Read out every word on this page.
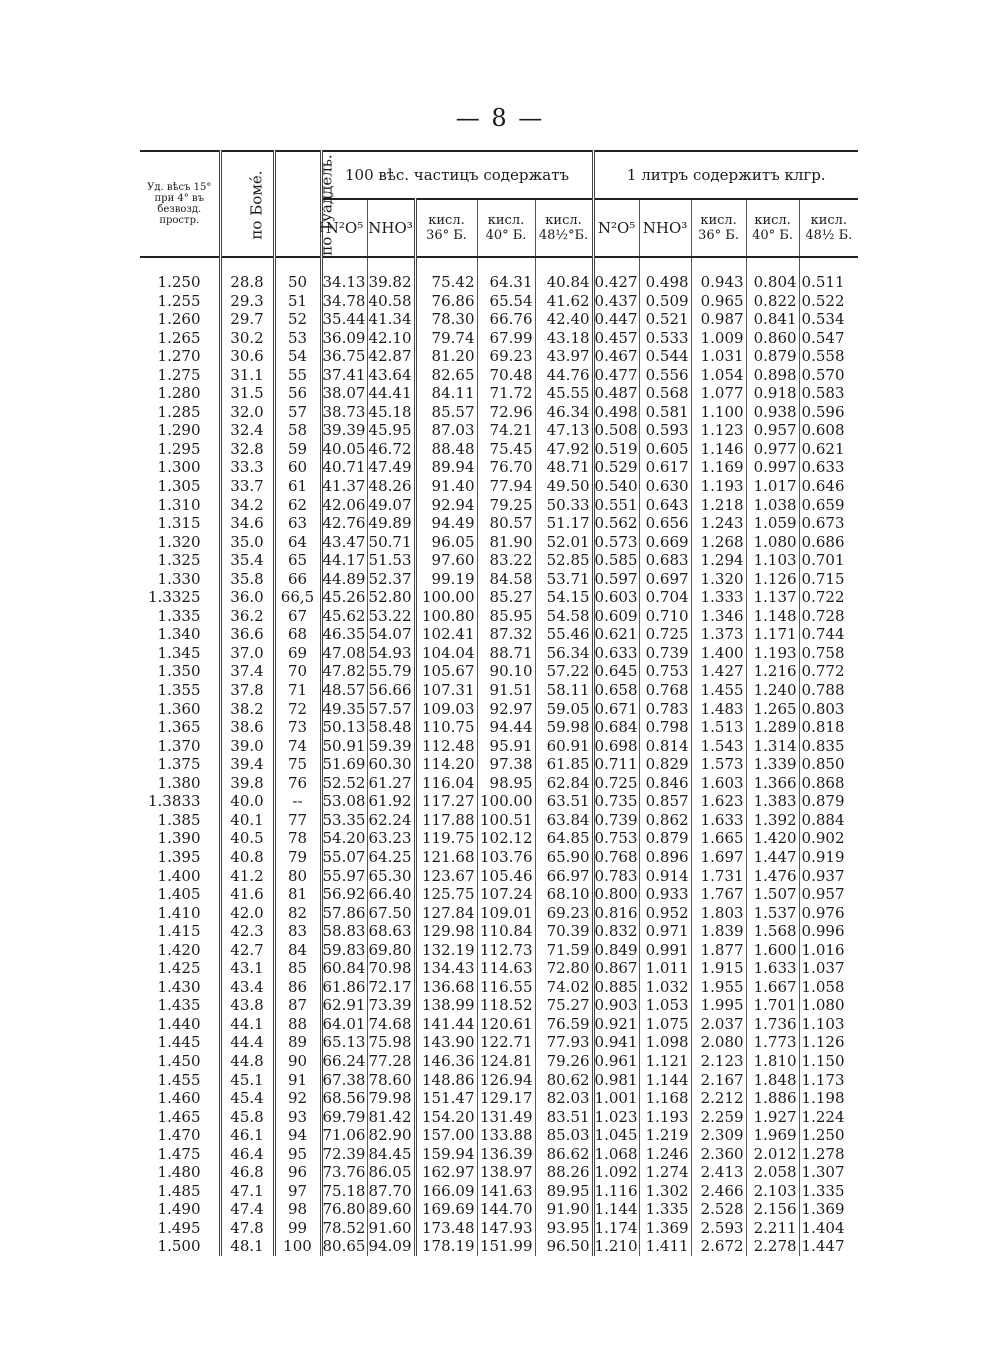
— 8 —
Уд. вѣсъ 15° при 4° въ безвозд. простр.	по Бомé.	по Туаддель.	100 вѣс. частицъ содержатъ					1 литръ содержитъ клгр.				
			N²O⁵	NHO³	кисл. 36° Б.	кисл. 40° Б.	кисл. 48½°Б.	N²O⁵	NHO³	кисл. 36° Б.	кисл. 40° Б.	кисл. 48½ Б.

1.250	28.8	50	34.13	39.82	75.42	64.31	40.84	0.427	0.498	0.943	0.804	0.511
1.255	29.3	51	34.78	40.58	76.86	65.54	41.62	0.437	0.509	0.965	0.822	0.522
1.260	29.7	52	35.44	41.34	78.30	66.76	42.40	0.447	0.521	0.987	0.841	0.534
1.265	30.2	53	36.09	42.10	79.74	67.99	43.18	0.457	0.533	1.009	0.860	0.547
1.270	30.6	54	36.75	42.87	81.20	69.23	43.97	0.467	0.544	1.031	0.879	0.558
1.275	31.1	55	37.41	43.64	82.65	70.48	44.76	0.477	0.556	1.054	0.898	0.570
1.280	31.5	56	38.07	44.41	84.11	71.72	45.55	0.487	0.568	1.077	0.918	0.583
1.285	32.0	57	38.73	45.18	85.57	72.96	46.34	0.498	0.581	1.100	0.938	0.596
1.290	32.4	58	39.39	45.95	87.03	74.21	47.13	0.508	0.593	1.123	0.957	0.608
1.295	32.8	59	40.05	46.72	88.48	75.45	47.92	0.519	0.605	1.146	0.977	0.621
1.300	33.3	60	40.71	47.49	89.94	76.70	48.71	0.529	0.617	1.169	0.997	0.633
1.305	33.7	61	41.37	48.26	91.40	77.94	49.50	0.540	0.630	1.193	1.017	0.646
1.310	34.2	62	42.06	49.07	92.94	79.25	50.33	0.551	0.643	1.218	1.038	0.659
1.315	34.6	63	42.76	49.89	94.49	80.57	51.17	0.562	0.656	1.243	1.059	0.673
1.320	35.0	64	43.47	50.71	96.05	81.90	52.01	0.573	0.669	1.268	1.080	0.686
1.325	35.4	65	44.17	51.53	97.60	83.22	52.85	0.585	0.683	1.294	1.103	0.701
1.330	35.8	66	44.89	52.37	99.19	84.58	53.71	0.597	0.697	1.320	1.126	0.715
1.3325	36.0	66,5	45.26	52.80	100.00	85.27	54.15	0.603	0.704	1.333	1.137	0.722
1.335	36.2	67	45.62	53.22	100.80	85.95	54.58	0.609	0.710	1.346	1.148	0.728
1.340	36.6	68	46.35	54.07	102.41	87.32	55.46	0.621	0.725	1.373	1.171	0.744
1.345	37.0	69	47.08	54.93	104.04	88.71	56.34	0.633	0.739	1.400	1.193	0.758
1.350	37.4	70	47.82	55.79	105.67	90.10	57.22	0.645	0.753	1.427	1.216	0.772
1.355	37.8	71	48.57	56.66	107.31	91.51	58.11	0.658	0.768	1.455	1.240	0.788
1.360	38.2	72	49.35	57.57	109.03	92.97	59.05	0.671	0.783	1.483	1.265	0.803
1.365	38.6	73	50.13	58.48	110.75	94.44	59.98	0.684	0.798	1.513	1.289	0.818
1.370	39.0	74	50.91	59.39	112.48	95.91	60.91	0.698	0.814	1.543	1.314	0.835
1.375	39.4	75	51.69	60.30	114.20	97.38	61.85	0.711	0.829	1.573	1.339	0.850
1.380	39.8	76	52.52	61.27	116.04	98.95	62.84	0.725	0.846	1.603	1.366	0.868
1.3833	40.0	--	53.08	61.92	117.27	100.00	63.51	0.735	0.857	1.623	1.383	0.879
1.385	40.1	77	53.35	62.24	117.88	100.51	63.84	0.739	0.862	1.633	1.392	0.884
1.390	40.5	78	54.20	63.23	119.75	102.12	64.85	0.753	0.879	1.665	1.420	0.902
1.395	40.8	79	55.07	64.25	121.68	103.76	65.90	0.768	0.896	1.697	1.447	0.919
1.400	41.2	80	55.97	65.30	123.67	105.46	66.97	0.783	0.914	1.731	1.476	0.937
1.405	41.6	81	56.92	66.40	125.75	107.24	68.10	0.800	0.933	1.767	1.507	0.957
1.410	42.0	82	57.86	67.50	127.84	109.01	69.23	0.816	0.952	1.803	1.537	0.976
1.415	42.3	83	58.83	68.63	129.98	110.84	70.39	0.832	0.971	1.839	1.568	0.996
1.420	42.7	84	59.83	69.80	132.19	112.73	71.59	0.849	0.991	1.877	1.600	1.016
1.425	43.1	85	60.84	70.98	134.43	114.63	72.80	0.867	1.011	1.915	1.633	1.037
1.430	43.4	86	61.86	72.17	136.68	116.55	74.02	0.885	1.032	1.955	1.667	1.058
1.435	43.8	87	62.91	73.39	138.99	118.52	75.27	0.903	1.053	1.995	1.701	1.080
1.440	44.1	88	64.01	74.68	141.44	120.61	76.59	0.921	1.075	2.037	1.736	1.103
1.445	44.4	89	65.13	75.98	143.90	122.71	77.93	0.941	1.098	2.080	1.773	1.126
1.450	44.8	90	66.24	77.28	146.36	124.81	79.26	0.961	1.121	2.123	1.810	1.150
1.455	45.1	91	67.38	78.60	148.86	126.94	80.62	0.981	1.144	2.167	1.848	1.173
1.460	45.4	92	68.56	79.98	151.47	129.17	82.03	1.001	1.168	2.212	1.886	1.198
1.465	45.8	93	69.79	81.42	154.20	131.49	83.51	1.023	1.193	2.259	1.927	1.224
1.470	46.1	94	71.06	82.90	157.00	133.88	85.03	1.045	1.219	2.309	1.969	1.250
1.475	46.4	95	72.39	84.45	159.94	136.39	86.62	1.068	1.246	2.360	2.012	1.278
1.480	46.8	96	73.76	86.05	162.97	138.97	88.26	1.092	1.274	2.413	2.058	1.307
1.485	47.1	97	75.18	87.70	166.09	141.63	89.95	1.116	1.302	2.466	2.103	1.335
1.490	47.4	98	76.80	89.60	169.69	144.70	91.90	1.144	1.335	2.528	2.156	1.369
1.495	47.8	99	78.52	91.60	173.48	147.93	93.95	1.174	1.369	2.593	2.211	1.404
1.500	48.1	100	80.65	94.09	178.19	151.99	96.50	1.210	1.411	2.672	2.278	1.447
